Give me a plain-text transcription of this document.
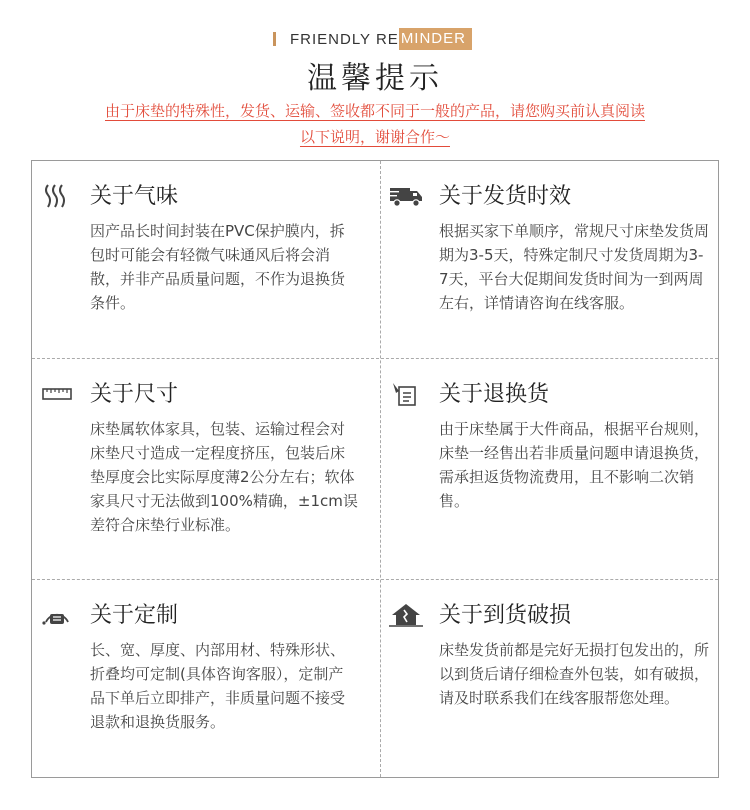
FRIENDLY RE MINDER
温馨提示
由于床垫的特殊性，发货、运输、签收都不同于一般的产品，请您购买前认真阅读
以下说明，谢谢合作～
关于气味
因产品长时间封装在PVC保护膜内，拆包时可能会有轻微气味通风后将会消散，并非产品质量问题，不作为退换货条件。
关于发货时效
根据买家下单顺序，常规尺寸床垫发货周期为3-5天，特殊定制尺寸发货周期为3-7天，平台大促期间发货时间为一到两周左右，详情请咨询在线客服。
关于尺寸
床垫属软体家具，包装、运输过程会对床垫尺寸造成一定程度挤压，包装后床垫厚度会比实际厚度薄2公分左右；软体家具尺寸无法做到100%精确，±1cm误差符合床垫行业标准。
关于退换货
由于床垫属于大件商品，根据平台规则，床垫一经售出若非质量问题申请退换货，需承担返货物流费用，且不影响二次销售。
关于定制
长、宽、厚度、内部用材、特殊形状、折叠均可定制(具体咨询客服），定制产品下单后立即排产，非质量问题不接受退款和退换货服务。
关于到货破损
床垫发货前都是完好无损打包发出的，所以到货后请仔细检查外包装，如有破损，请及时联系我们在线客服帮您处理。
